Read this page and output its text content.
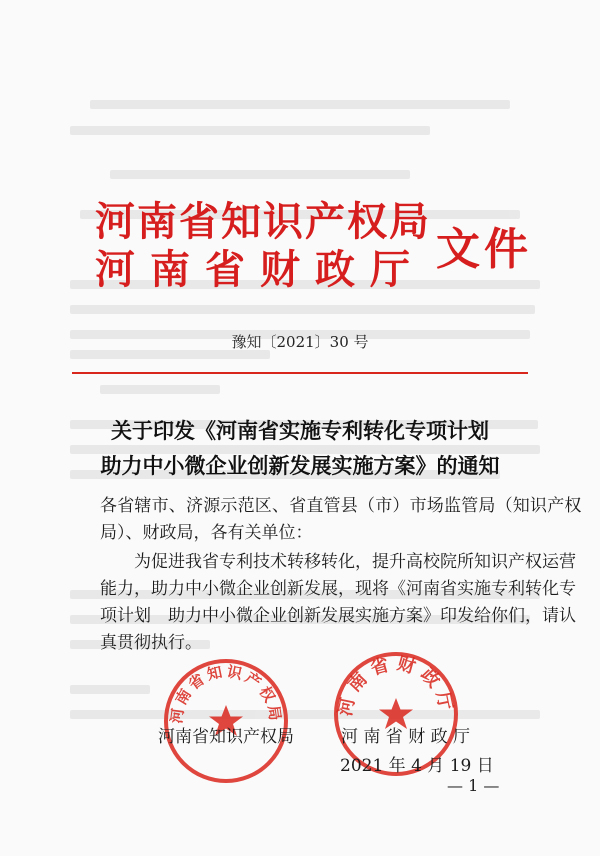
河南省知识产权局
河南省财政厅 文件
豫知〔2021〕30 号
关于印发《河南省实施专利转化专项计划
助力中小微企业创新发展实施方案》的通知
各省辖市、济源示范区、省直管县（市）市场监管局（知识产权
局）、财政局，各有关单位：
　　为促进我省专利技术转移转化，提升高校院所知识产权运营
能力，助力中小微企业创新发展，现将《河南省实施专利转化专
项计划　助力中小微企业创新发展实施方案》印发给你们，请认
真贯彻执行。
河南省知识产权局	河南省财政厅
河南省知识产权局	河 南 省 财 政 厅
2021 年 4 月 19 日
— 1 —
